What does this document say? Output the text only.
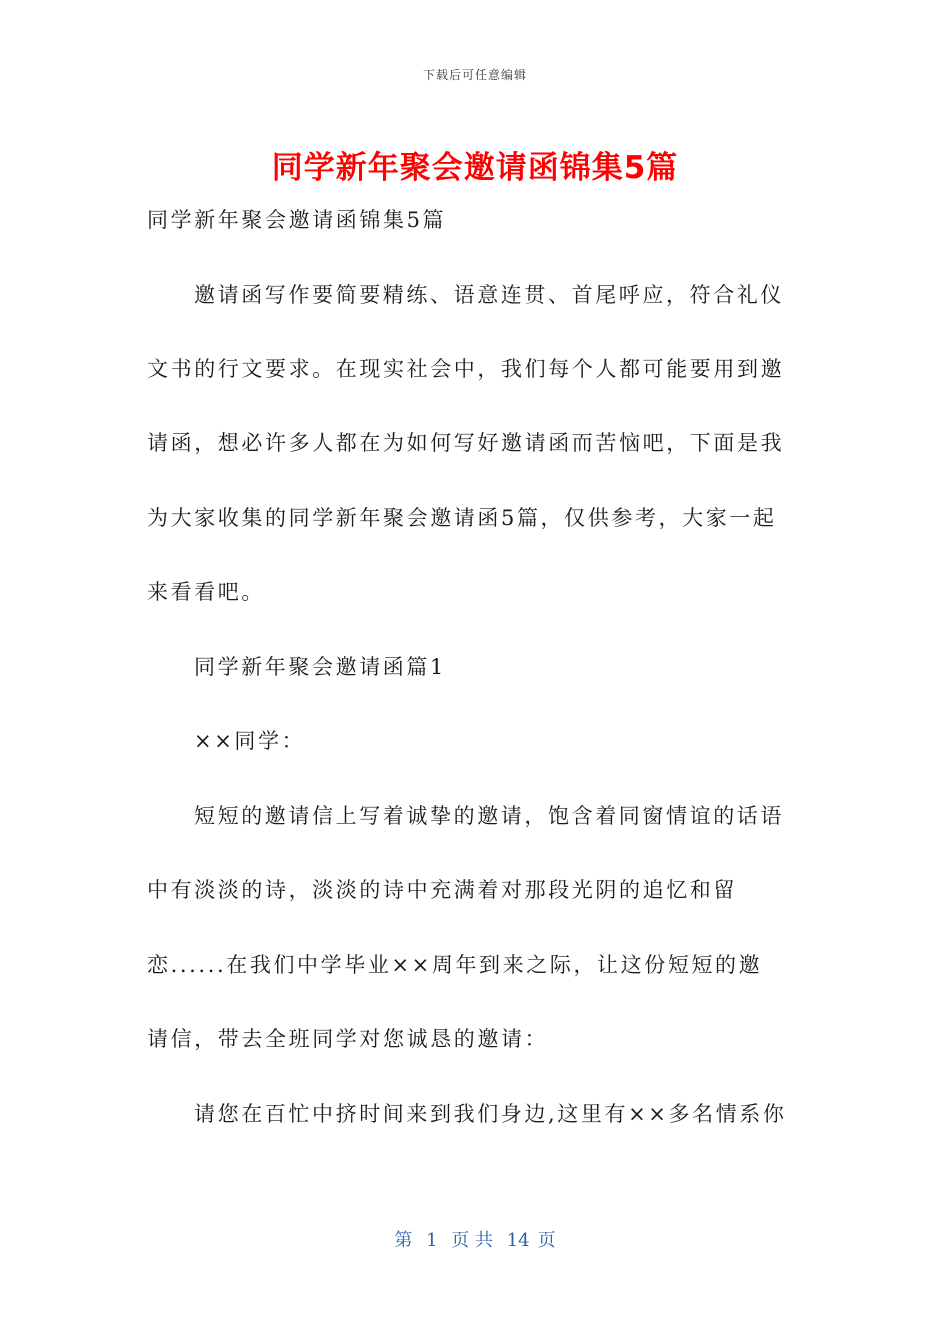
下载后可任意编辑
同学新年聚会邀请函锦集5篇

同学新年聚会邀请函锦集5篇

邀请函写作要简要精练、语意连贯、首尾呼应，符合礼仪

文书的行文要求。在现实社会中，我们每个人都可能要用到邀

请函，想必许多人都在为如何写好邀请函而苦恼吧，下面是我

为大家收集的同学新年聚会邀请函5篇，仅供参考，大家一起

来看看吧。

同学新年聚会邀请函篇1

××同学：

短短的邀请信上写着诚挚的邀请，饱含着同窗情谊的话语

中有淡淡的诗，淡淡的诗中充满着对那段光阴的追忆和留

恋......在我们中学毕业××周年到来之际，让这份短短的邀

请信，带去全班同学对您诚恳的邀请：

请您在百忙中挤时间来到我们身边,这里有××多名情系你

第 1 页 共 14 页
